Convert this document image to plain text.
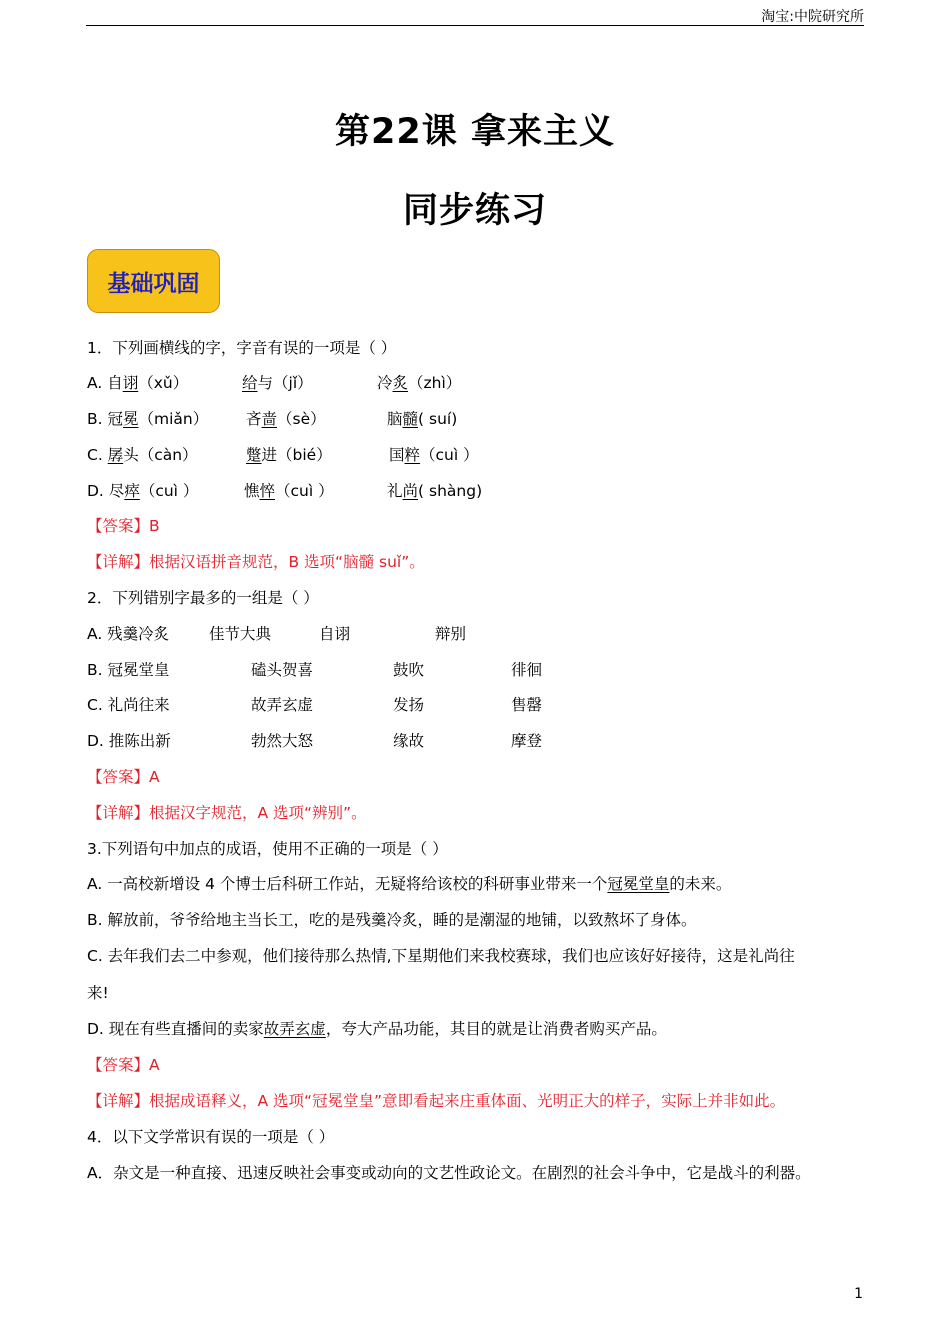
淘宝:中院研究所
第22课 拿来主义
同步练习
基础巩固
1．下列画横线的字，字音有误的一项是（ ）
A. 自诩（xǔ）	给与（jǐ）	冷炙（zhì）
B. 冠冕（miǎn） 吝啬（sè）	脑髓( suí)
C. 孱头（càn）	蹩进（bié）	国粹（cuì ）
D. 尽瘁（cuì ）	憔悴（cuì ）	礼尚( shàng)
【答案】B
【详解】根据汉语拼音规范，B 选项“脑髓 suǐ”。
2．下列错别字最多的一组是（ ）
A. 残羹冷炙	佳节大典	自诩	辩别
B. 冠冕堂皇	磕头贺喜	鼓吹	徘徊
C. 礼尚往来	故弄玄虚	发扬	售罄
D. 推陈出新	勃然大怒	缘故	摩登
【答案】A
【详解】根据汉字规范，A 选项“辨别”。
3.下列语句中加点的成语，使用不正确的一项是（ ）
A. 一高校新增设 4 个博士后科研工作站，无疑将给该校的科研事业带来一个冠冕堂皇的未来。
B. 解放前，爷爷给地主当长工，吃的是残羹冷炙，睡的是潮湿的地铺，以致熬坏了身体。
C. 去年我们去二中参观，他们接待那么热情,下星期他们来我校赛球，我们也应该好好接待，这是礼尚往
来!
D. 现在有些直播间的卖家故弄玄虚，夸大产品功能，其目的就是让消费者购买产品。
【答案】A
【详解】根据成语释义，A 选项“冠冕堂皇”意即看起来庄重体面、光明正大的样子，实际上并非如此。
4．以下文学常识有误的一项是（ ）
A．杂文是一种直接、迅速反映社会事变或动向的文艺性政论文。在剧烈的社会斗争中，它是战斗的利器。
1
